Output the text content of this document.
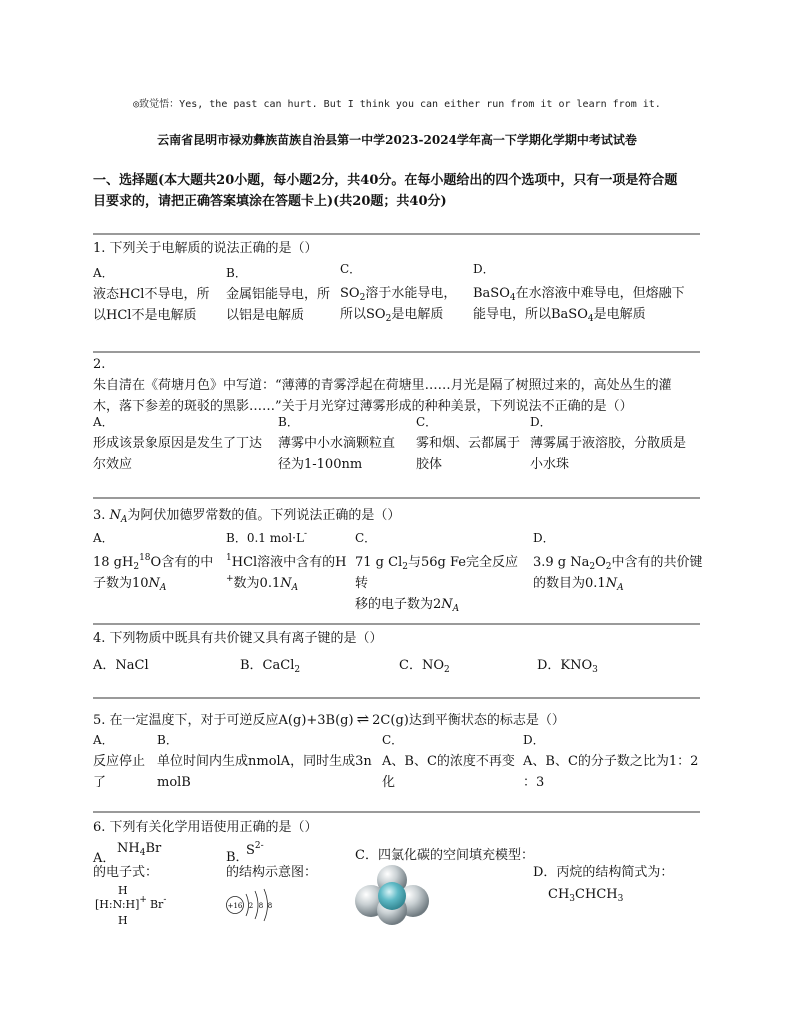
◎致觉悟：Yes, the past can hurt. But I think you can either run from it or learn from it.
云南省昆明市禄劝彝族苗族自治县第一中学2023-2024学年高一下学期化学期中考试试卷
一、选择题(本大题共20小题，每小题2分，共40分。在每小题给出的四个选项中，只有一项是符合题
目要求的，请把正确答案填涂在答题卡上)(共20题；共40分)
1. 下列关于电解质的说法正确的是（）
A．
液态HCl不导电，所
以HCl不是电解质
B．
金属铝能导电，所
以铝是电解质
C．
$SO_2$溶于水能导电，
所以$SO_2$是电解质
D．
BaSO$_4$在水溶液中难导电，但熔融下
能导电，所以BaSO$_4$是电解质
2.
朱自清在《荷塘月色》中写道：“薄薄的青雾浮起在荷塘里……月光是隔了树照过来的，高处丛生的灌
木，落下参差的斑驳的黑影……”关于月光穿过薄雾形成的种种美景，下列说法不正确的是（）
A．
形成该景象原因是发生了丁达
尔效应
B．
薄雾中小水滴颗粒直
径为1-100nm
C．
雾和烟、云都属于
胶体
D．
薄雾属于液溶胶，分散质是
小水珠
3. $N_A$为阿伏加德罗常数的值。下列说法正确的是（）
A．
18 $gH_2^{18}O$含有的中
子数为$10N_A$
B．0.1 mol·L-
$^1$HCl溶液中含有的H
+数为$0.1N_A$
C．
71 g $Cl_2$与56g Fe完全反应转
移的电子数为$2N_A$
D．
3.9 g $Na_2O_2$中含有的共价键
的数目为$0.1N_A$
4. 下列物质中既具有共价键又具有离子键的是（）
A．NaCl	B．CaCl$_2$	C．$NO_2$	D．$KNO_3$
5. 在一定温度下，对于可逆反应A(g)+3B(g) ⇌ 2C(g)达到平衡状态的标志是（）
A．
反应停止
了
B．
单位时间内生成nmolA，同时生成3n
molB
C．
A、B、C的浓度不再变
化
D．
A、B、C的分子数之比为1：2
：3
6. 下列有关化学用语使用正确的是（）
A．
$NH_4Br$
的电子式：
H
[H:N:H]+ Br-
H
B．
$S^{2-}$
的结构示意图：
+16 2 8 8
C．四氯化碳的空间填充模型：
D．丙烷的结构简式为：
$CH_3CHCH_3$
